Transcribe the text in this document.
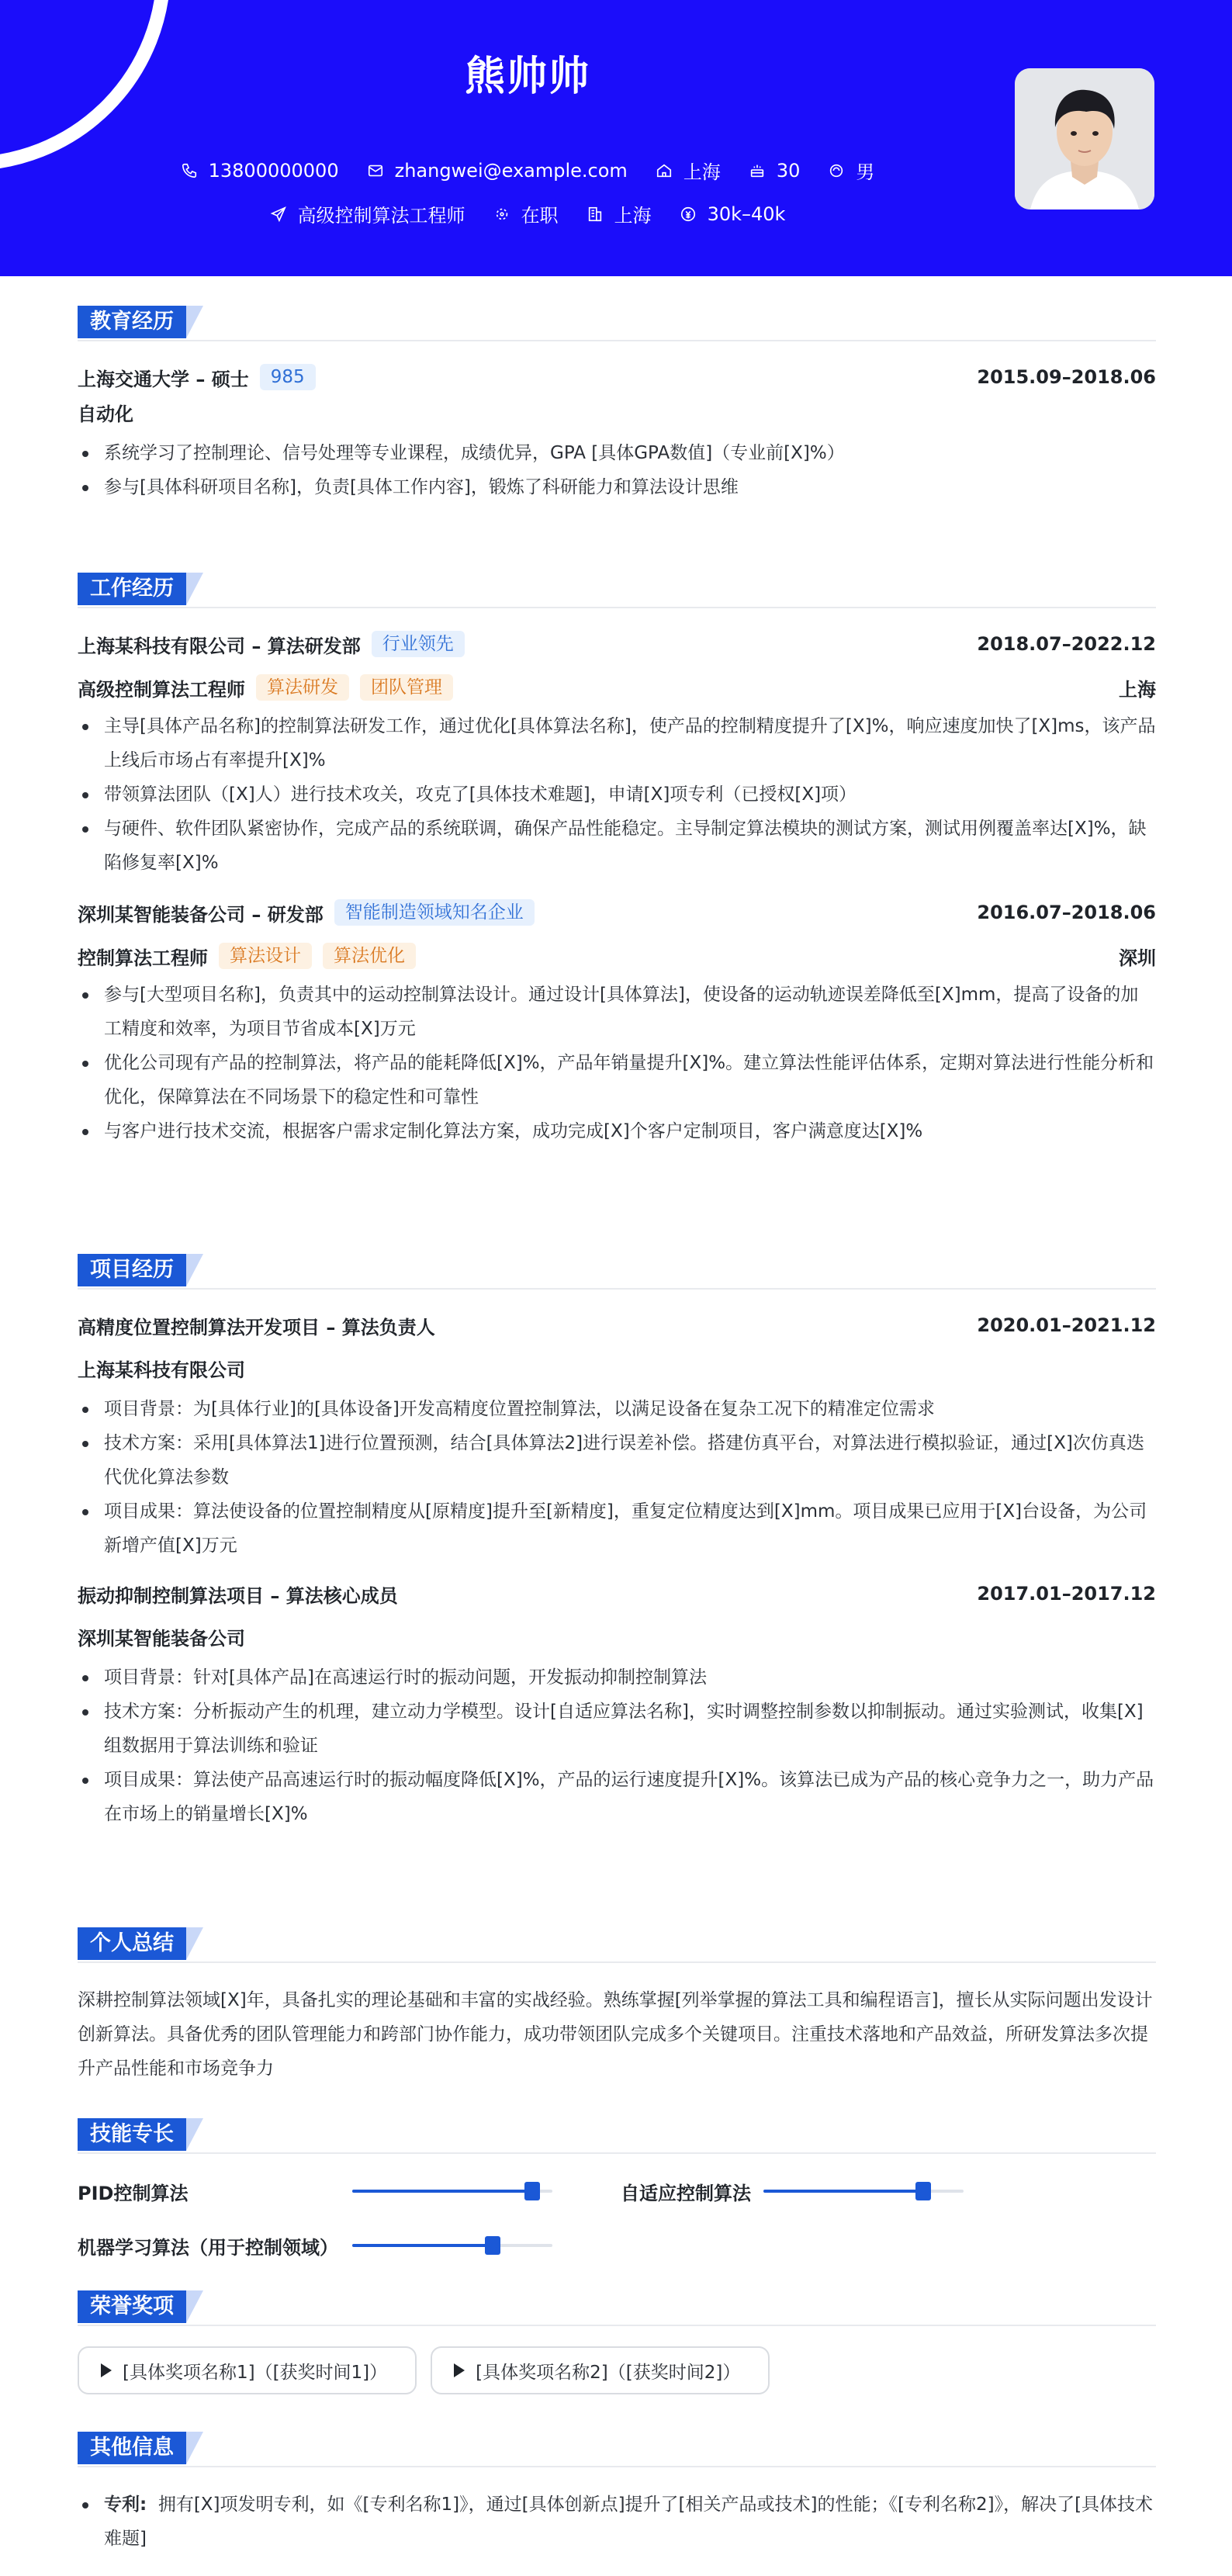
熊帅帅
13800000000	zhangwei@example.com	上海	30	男
高级控制算法工程师	在职	上海	30k–40k
教育经历
上海交通大学 – 硕士	985	2015.09–2018.06
自动化
系统学习了控制理论、信号处理等专业课程，成绩优异，GPA [具体GPA数值]（专业前[X]%）
参与[具体科研项目名称]，负责[具体工作内容]，锻炼了科研能力和算法设计思维
工作经历
上海某科技有限公司 – 算法研发部	行业领先	2018.07–2022.12
高级控制算法工程师	算法研发	团队管理	上海
主导[具体产品名称]的控制算法研发工作，通过优化[具体算法名称]，使产品的控制精度提升了[X]%，响应速度加快了[X]ms，该产品上线后市场占有率提升[X]%
带领算法团队（[X]人）进行技术攻关，攻克了[具体技术难题]，申请[X]项专利（已授权[X]项）
与硬件、软件团队紧密协作，完成产品的系统联调，确保产品性能稳定。主导制定算法模块的测试方案，测试用例覆盖率达[X]%，缺陷修复率[X]%
深圳某智能装备公司 – 研发部	智能制造领域知名企业	2016.07–2018.06
控制算法工程师	算法设计	算法优化	深圳
参与[大型项目名称]，负责其中的运动控制算法设计。通过设计[具体算法]，使设备的运动轨迹误差降低至[X]mm，提高了设备的加工精度和效率，为项目节省成本[X]万元
优化公司现有产品的控制算法，将产品的能耗降低[X]%，产品年销量提升[X]%。建立算法性能评估体系，定期对算法进行性能分析和优化，保障算法在不同场景下的稳定性和可靠性
与客户进行技术交流，根据客户需求定制化算法方案，成功完成[X]个客户定制项目，客户满意度达[X]%
项目经历
高精度位置控制算法开发项目 – 算法负责人	2020.01–2021.12
上海某科技有限公司
项目背景：为[具体行业]的[具体设备]开发高精度位置控制算法，以满足设备在复杂工况下的精准定位需求
技术方案：采用[具体算法1]进行位置预测，结合[具体算法2]进行误差补偿。搭建仿真平台，对算法进行模拟验证，通过[X]次仿真迭代优化算法参数
项目成果：算法使设备的位置控制精度从[原精度]提升至[新精度]，重复定位精度达到[X]mm。项目成果已应用于[X]台设备，为公司新增产值[X]万元
振动抑制控制算法项目 – 算法核心成员	2017.01–2017.12
深圳某智能装备公司
项目背景：针对[具体产品]在高速运行时的振动问题，开发振动抑制控制算法
技术方案：分析振动产生的机理，建立动力学模型。设计[自适应算法名称]，实时调整控制参数以抑制振动。通过实验测试，收集[X]组数据用于算法训练和验证
项目成果：算法使产品高速运行时的振动幅度降低[X]%，产品的运行速度提升[X]%。该算法已成为产品的核心竞争力之一，助力产品在市场上的销量增长[X]%
个人总结
深耕控制算法领域[X]年，具备扎实的理论基础和丰富的实战经验。熟练掌握[列举掌握的算法工具和编程语言]，擅长从实际问题出发设计创新算法。具备优秀的团队管理能力和跨部门协作能力，成功带领团队完成多个关键项目。注重技术落地和产品效益，所研发算法多次提升产品性能和市场竞争力
技能专长
PID控制算法	自适应控制算法
机器学习算法（用于控制领域）
荣誉奖项
[具体奖项名称1]（[获奖时间1]）	[具体奖项名称2]（[获奖时间2]）
其他信息
专利: 拥有[X]项发明专利，如《[专利名称1]》，通过[具体创新点]提升了[相关产品或技术]的性能；《[专利名称2]》，解决了[具体技术难题]
